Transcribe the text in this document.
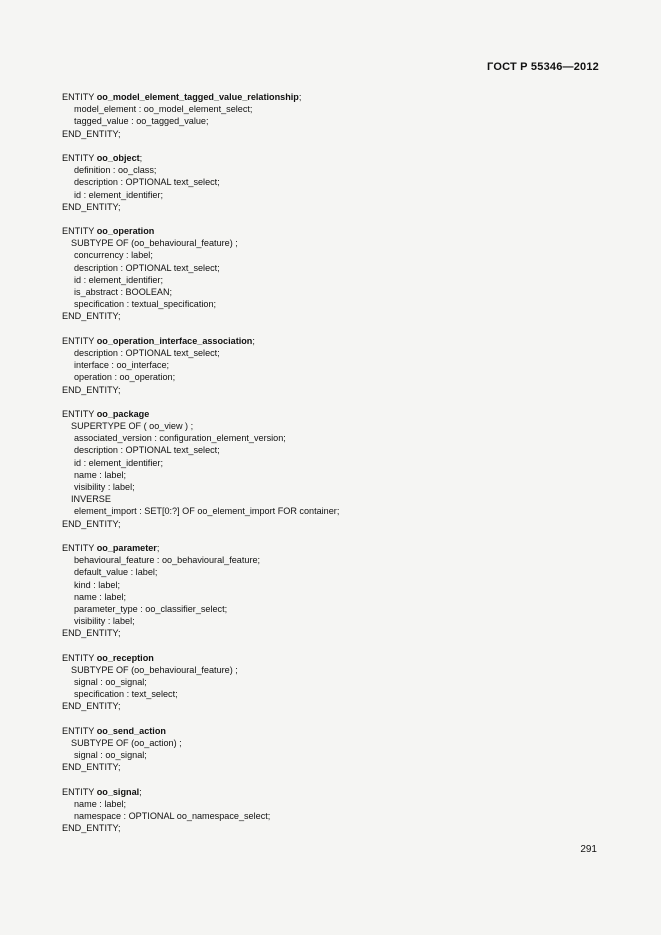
ГОСТ Р 55346—2012
ENTITY oo_model_element_tagged_value_relationship;
model_element : oo_model_element_select;
tagged_value : oo_tagged_value;
END_ENTITY;
ENTITY oo_object;
definition : oo_class;
description : OPTIONAL text_select;
id : element_identifier;
END_ENTITY;
ENTITY oo_operation
SUBTYPE OF (oo_behavioural_feature) ;
concurrency : label;
description : OPTIONAL text_select;
id : element_identifier;
is_abstract : BOOLEAN;
specification : textual_specification;
END_ENTITY;
ENTITY oo_operation_interface_association;
description : OPTIONAL text_select;
interface : oo_interface;
operation : oo_operation;
END_ENTITY;
ENTITY oo_package
SUPERTYPE OF ( oo_view ) ;
associated_version : configuration_element_version;
description : OPTIONAL text_select;
id : element_identifier;
name : label;
visibility : label;
INVERSE
element_import : SET[0:?] OF oo_element_import FOR container;
END_ENTITY;
ENTITY oo_parameter;
behavioural_feature : oo_behavioural_feature;
default_value : label;
kind : label;
name : label;
parameter_type : oo_classifier_select;
visibility : label;
END_ENTITY;
ENTITY oo_reception
SUBTYPE OF (oo_behavioural_feature) ;
signal : oo_signal;
specification : text_select;
END_ENTITY;
ENTITY oo_send_action
SUBTYPE OF (oo_action) ;
signal : oo_signal;
END_ENTITY;
ENTITY oo_signal;
name : label;
namespace : OPTIONAL oo_namespace_select;
END_ENTITY;
291
